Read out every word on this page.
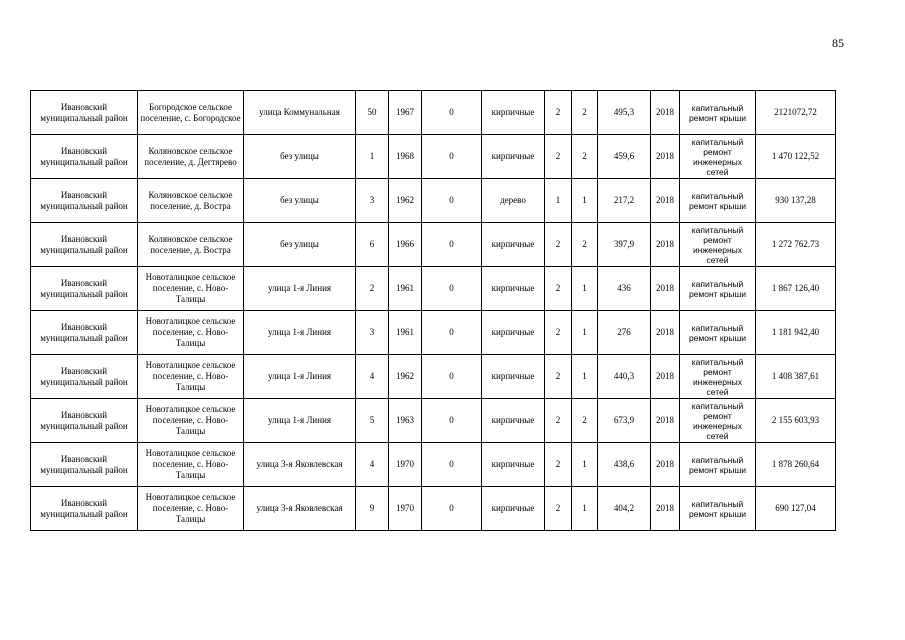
85
Ивановский муниципальный район	Богородское сельское поселение, с. Богородское	улица Коммунальная	50	1967	0	кирпичные	2	2	495,3	2018	капитальный ремонт крыши	2121072,72
Ивановский муниципальный район	Коляновское сельское поселение, д. Дегтярево	без улицы	1	1968	0	кирпичные	2	2	459,6	2018	капитальный ремонт инженерных сетей	1 470 122,52
Ивановский муниципальный район	Коляновское сельское поселение, д. Востра	без улицы	3	1962	0	дерево	1	1	217,2	2018	капитальный ремонт крыши	930 137,28
Ивановский муниципальный район	Коляновское сельское поселение, д. Востра	без улицы	6	1966	0	кирпичные	2	2	397,9	2018	капитальный ремонт инженерных сетей	1 272 762.73
Ивановский муниципальный район	Новоталицкое сельское поселение, с. Ново-Талицы	улица 1-я Линия	2	1961	0	кирпичные	2	1	436	2018	капитальный ремонт крыши	1 867 126,40
Ивановский муниципальный район	Новоталицкое сельское поселение, с. Ново-Талицы	улица 1-я Линия	3	1961	0	кирпичные	2	1	276	2018	капитальный ремонт крыши	1 181 942,40
Ивановский муниципальный район	Новоталицкое сельское поселение, с. Ново-Талицы	улица 1-я Линия	4	1962	0	кирпичные	2	1	440,3	2018	капитальный ремонт инженерных сетей	1 408 387,61
Ивановский муниципальный район	Новоталицкое сельское поселение, с. Ново-Талицы	улица 1-я Линия	5	1963	0	кирпичные	2	2	673,9	2018	капитальный ремонт инженерных сетей	2 155 603,93
Ивановский муниципальный район	Новоталицкое сельское поселение, с. Ново-Талицы	улица 3-я Яковлевская	4	1970	0	кирпичные	2	1	438,6	2018	капитальный ремонт крыши	1 878 260,64
Ивановский муниципальный район	Новоталицкое сельское поселение, с. Ново-Талицы	улица 3-я Яковлевская	9	1970	0	кирпичные	2	1	404,2	2018	капитальный ремонт крыши	690 127,04
